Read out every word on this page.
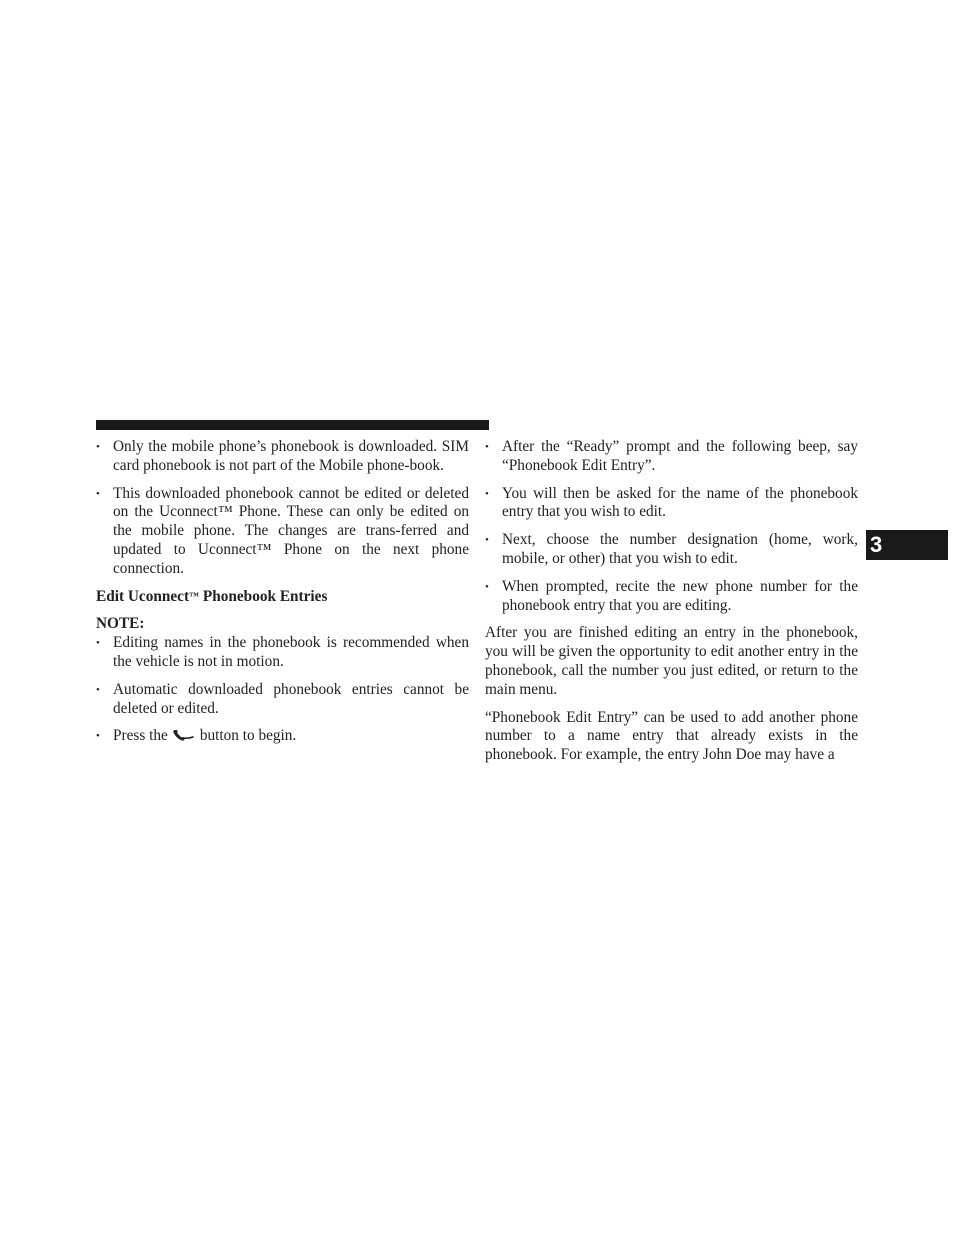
• Only the mobile phone’s phonebook is downloaded. SIM card phonebook is not part of the Mobile phone-book.
• This downloaded phonebook cannot be edited or deleted on the Uconnect™ Phone. These can only be edited on the mobile phone. The changes are trans-ferred and updated to Uconnect™ Phone on the next phone connection.
Edit Uconnect™ Phonebook Entries
NOTE:
• Editing names in the phonebook is recommended when the vehicle is not in motion.
• Automatic downloaded phonebook entries cannot be deleted or edited.
• Press the button to begin.
• After the “Ready” prompt and the following beep, say “Phonebook Edit Entry”.
• You will then be asked for the name of the phonebook entry that you wish to edit.
• Next, choose the number designation (home, work, mobile, or other) that you wish to edit.
• When prompted, recite the new phone number for the phonebook entry that you are editing.

After you are finished editing an entry in the phonebook, you will be given the opportunity to edit another entry in the phonebook, call the number you just edited, or return to the main menu.

“Phonebook Edit Entry” can be used to add another phone number to a name entry that already exists in the phonebook. For example, the entry John Doe may have a

3
